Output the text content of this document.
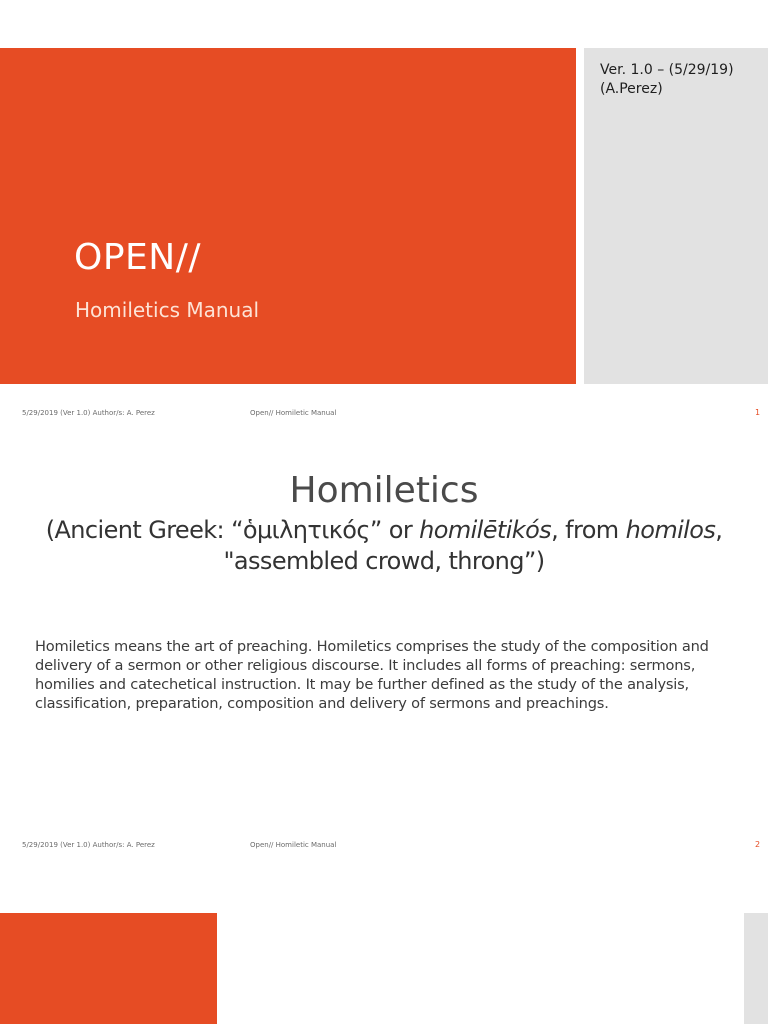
Ver. 1.0 – (5/29/19)
(A.Perez)
OPEN//
Homiletics Manual
5/29/2019 (Ver 1.0) Author/s: A. Perez	Open// Homiletic Manual	1
Homiletics
(Ancient Greek: “ὁμιλητικός” or homilētikós, from homilos,
"assembled crowd, throng”)
Homiletics means the art of preaching. Homiletics comprises the study of the composition and delivery of a sermon or other religious discourse. It includes all forms of preaching: sermons, homilies and catechetical instruction. It may be further defined as the study of the analysis, classification, preparation, composition and delivery of sermons and preachings.
5/29/2019 (Ver 1.0) Author/s: A. Perez	Open// Homiletic Manual	2
